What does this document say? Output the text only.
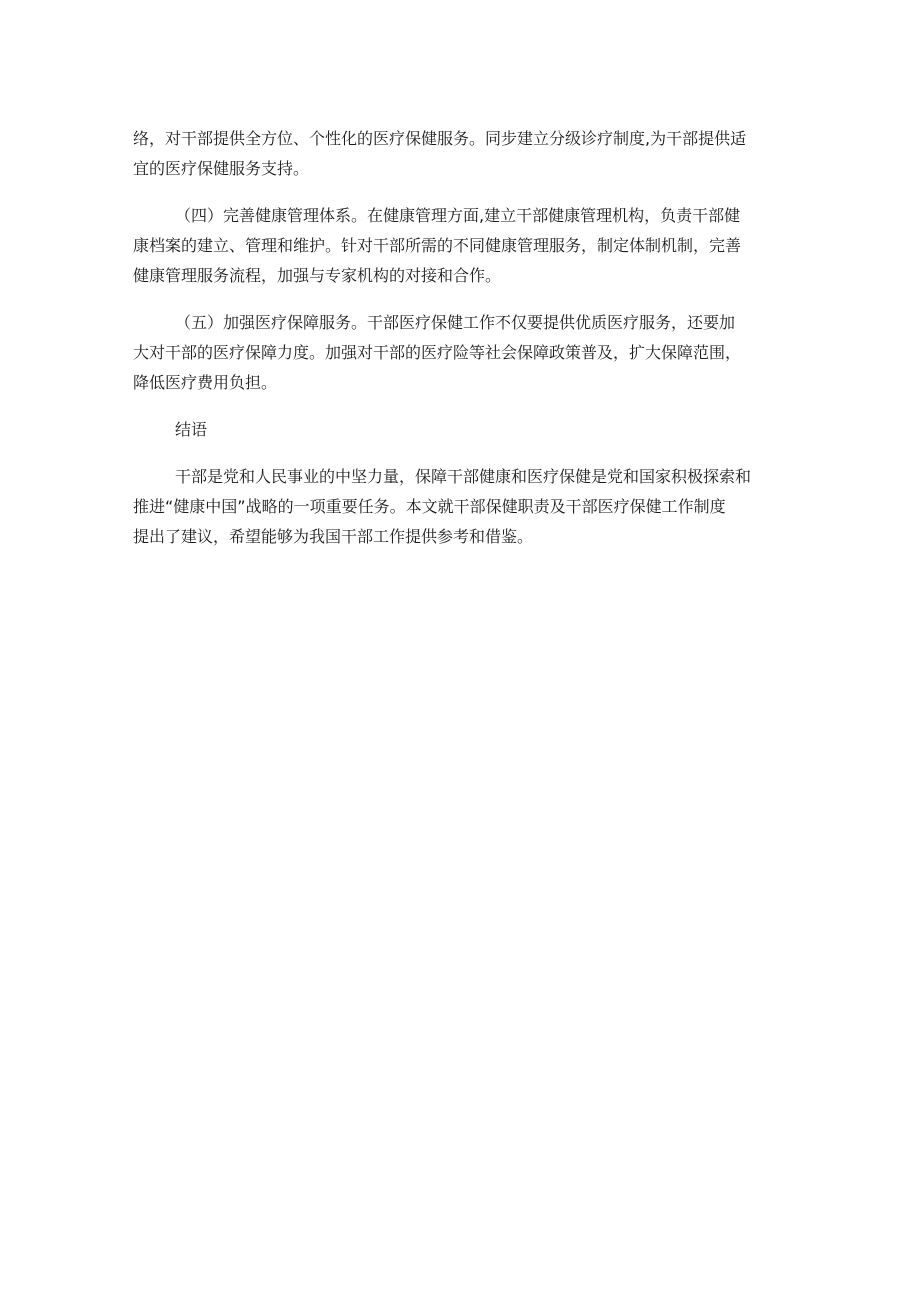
络，对干部提供全方位、个性化的医疗保健服务。同步建立分级诊疗制度,为干部提供适
宜的医疗保健服务支持。

（四）完善健康管理体系。在健康管理方面,建立干部健康管理机构，负责干部健
康档案的建立、管理和维护。针对干部所需的不同健康管理服务，制定体制机制，完善
健康管理服务流程，加强与专家机构的对接和合作。

（五）加强医疗保障服务。干部医疗保健工作不仅要提供优质医疗服务，还要加
大对干部的医疗保障力度。加强对干部的医疗险等社会保障政策普及，扩大保障范围，
降低医疗费用负担。

结语

干部是党和人民事业的中坚力量，保障干部健康和医疗保健是党和国家积极探索和
推进“健康中国”战略的一项重要任务。本文就干部保健职责及干部医疗保健工作制度
提出了建议，希望能够为我国干部工作提供参考和借鉴。
